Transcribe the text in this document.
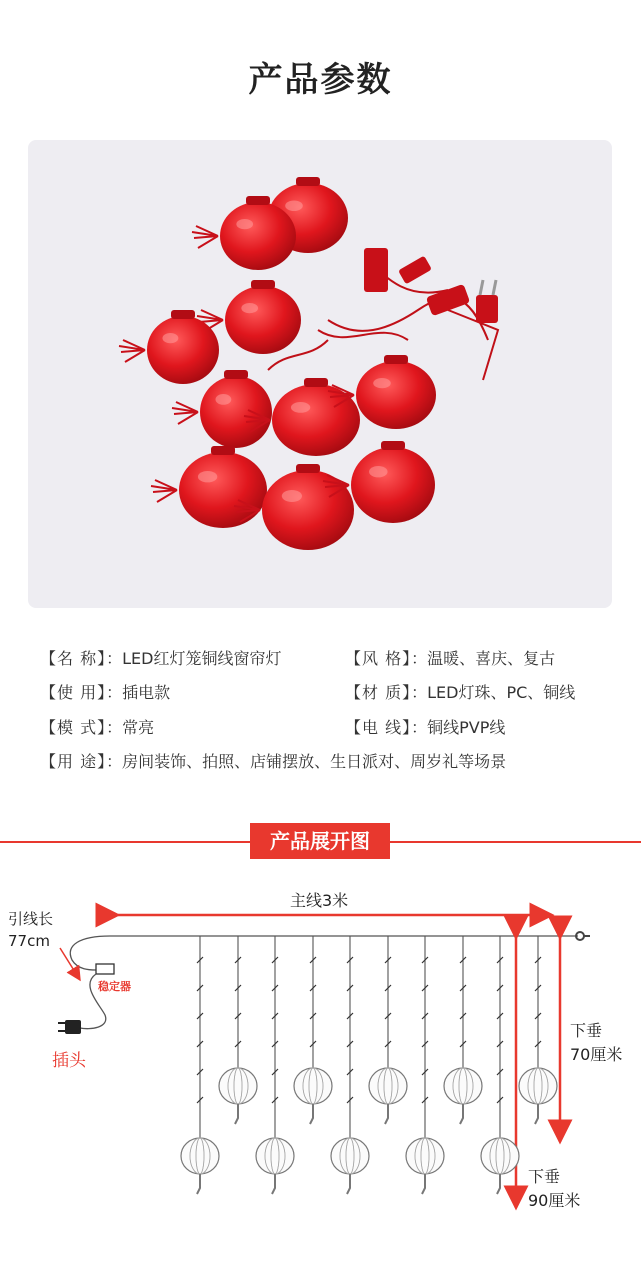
产品参数
【名 称】：LED红灯笼铜线窗帘灯	【风 格】：温暖、喜庆、复古
【使 用】：插电款	【材 质】：LED灯珠、PC、铜线
【模 式】：常亮	【电 线】：铜线PVP线
【用 途】：房间装饰、拍照、店铺摆放、生日派对、周岁礼等场景
产品展开图
主线3米
引线长
77cm
稳定器
插头
下垂
70厘米
下垂
90厘米
